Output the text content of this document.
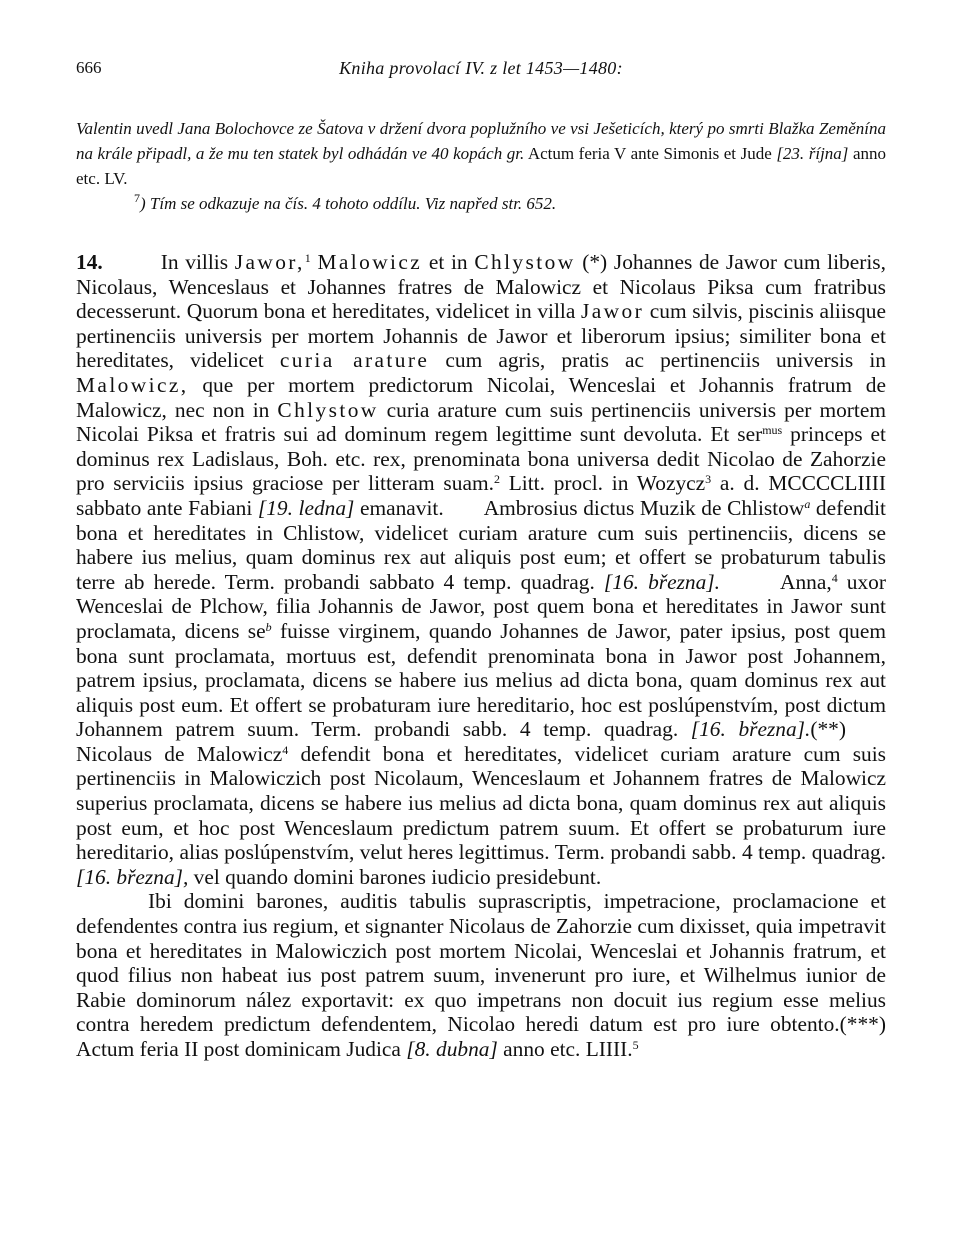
666	Kniha provolací IV. z let 1453—1480:
Valentin uvedl Jana Bolochovce ze Šatova v držení dvora poplužního ve vsi Ješeticích, který po smrti Blažka Zeměnína na krále připadl, a že mu ten statek byl odhádán ve 40 kopách gr. Actum feria V ante Simonis et Jude [23. října] anno etc. LV.
$^7$) Tím se odkazuje na čís. 4 tohoto oddílu. Viz napřed str. 652.

14.	In villis Jawor,$^1$ Malowicz et in Chlystow (*) Johannes de Jawor cum liberis, Nicolaus, Wenceslaus et Johannes fratres de Malowicz et Nicolaus Piksa cum fratribus decesserunt. Quorum bona et hereditates, videlicet in villa Jawor cum silvis, piscinis aliisque pertinenciis universis per mortem Johannis de Jawor et liberorum ipsius; similiter bona et hereditates, videlicet curia arature cum agris, pratis ac pertinenciis universis in Malowicz, que per mortem predictorum Nicolai, Wenceslai et Johannis fratrum de Malowicz, nec non in Chlystow curia arature cum suis pertinenciis universis per mortem Nicolai Piksa et fratris sui ad dominum regem legittime sunt devoluta. Et ser$^{mus}$ princeps et dominus rex Ladislaus, Boh. etc. rex, prenominata bona universa dedit Nicolao de Zahorzie pro serviciis ipsius graciose per litteram suam.$^2$ Litt. procl. in Wozycz$^3$ a. d. MCCCCLIIII sabbato ante Fabiani [19. ledna] emanavit. Ambrosius dictus Muzik de Chlistow$^a$ defendit bona et hereditates in Chlistow, videlicet curiam arature cum suis pertinenciis, dicens se habere ius melius, quam dominus rex aut aliquis post eum; et offert se probaturum tabulis terre ab herede. Term. probandi sabbato 4 temp. quadrag. [16. března].	Anna,$^4$ uxor Wenceslai de Plchow, filia Johannis de Jawor, post quem bona et hereditates in Jawor sunt proclamata, dicens $se^b$ fuisse virginem, quando Johannes de Jawor, pater ipsius, post quem bona sunt proclamata, mortuus est, defendit prenominata bona in Jawor post Johannem, patrem ipsius, proclamata, dicens se habere ius melius ad dicta bona, quam dominus rex aut aliquis post eum. Et offert se probaturam iure hereditario, hoc est poslúpenstvím, post dictum Johannem patrem suum. Term. probandi sabb. 4 temp. quadrag. [16. března].(**)Nicolaus de Malowicz$^4$ defendit bona et hereditates, videlicet curiam arature cum suis pertinenciis in Malowiczich post Nicolaum, Wenceslaum et Johannem fratres de Malowicz superius proclamata, dicens se habere ius melius ad dicta bona, quam dominus rex aut aliquis post eum, et hoc post Wenceslaum predictum patrem suum. Et offert se probaturum iure hereditario, alias poslúpenstvím, velut heres legittimus. Term. probandi sabb. 4 temp. quadrag. [16. března], vel quando domini barones iudicio presidebunt.

Ibi domini barones, auditis tabulis suprascriptis, impetracione, proclamacione et defendentes contra ius regium, et signanter Nicolaus de Zahorzie cum dixisset, quia impetravit bona et hereditates in Malowiczich post mortem Nicolai, Wenceslai et Johannis fratrum, et quod filius non habeat ius post patrem suum, invenerunt pro iure, et Wilhelmus iunior de Rabie dominorum nález exportavit: ex quo impetrans non docuit ius regium esse melius contra heredem predictum defendentem, Nicolao heredi datum est pro iure obtento.(***) Actum feria II post dominicam Judica [8. dubna] anno etc. LIIII.$^5$
